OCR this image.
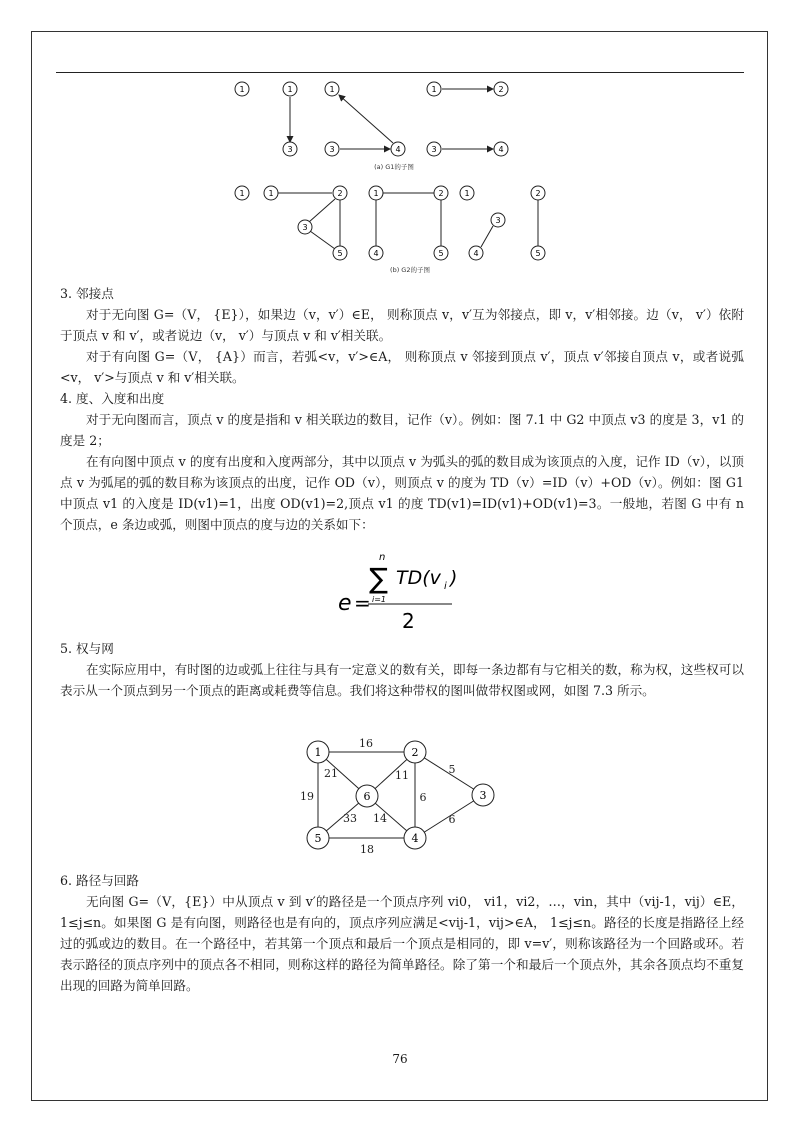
1	1
3
1
3	4
1	2
3	4
(a) G1的子图
1	1	2
3
5
1	2
4	5
1
3
4
2
5
(b) G2的子图

3. 邻接点

对于无向图 G=（V， {E}），如果边（v，v′）∈E， 则称顶点 v，v′互为邻接点，即 v，v′相邻接。边（v， v′）依附于顶点 v 和 v′，或者说边（v， v′）与顶点 v 和 v′相关联。

对于有向图 G=（V， {A}）而言，若弧<v，v′>∈A， 则称顶点 v 邻接到顶点 v′，顶点 v′邻接自顶点 v，或者说弧<v， v′>与顶点 v 和 v′相关联。

4. 度、入度和出度

对于无向图而言，顶点 v 的度是指和 v 相关联边的数目，记作（v）。例如：图 7.1 中 G2 中顶点 v3 的度是 3，v1 的度是 2；

在有向图中顶点 v 的度有出度和入度两部分，其中以顶点 v 为弧头的弧的数目成为该顶点的入度，记作 ID（v），以顶点 v 为弧尾的弧的数目称为该顶点的出度，记作 OD（v），则顶点 v 的度为 TD（v）=ID（v）+OD（v）。例如：图 G1 中顶点 v1 的入度是 ID(v1)=1，出度 OD(v1)=2,顶点 v1 的度 TD(v1)=ID(v1)+OD(v1)=3。一般地，若图 G 中有 n 个顶点，e 条边或弧，则图中顶点的度与边的关系如下：

e =
n
∑
i=1
TD(v i )
2

5. 权与网

在实际应用中，有时图的边或弧上往往与具有一定意义的数有关，即每一条边都有与它相关的数，称为权，这些权可以表示从一个顶点到另一个顶点的距离或耗费等信息。我们将这种带权的图叫做带权图或网，如图 7.3 所示。

16
21
19
11	5
6
6
33 14
18
1	2
3
4
5
6

6. 路径与回路

无向图 G=（V，{E}）中从顶点 v 到 v′的路径是一个顶点序列 vi0， vi1，vi2，…，vin，其中（vij-1，vij）∈E，1≤j≤n。如果图 G 是有向图，则路径也是有向的，顶点序列应满足<vij-1，vij>∈A， 1≤j≤n。路径的长度是指路径上经过的弧或边的数目。在一个路径中，若其第一个顶点和最后一个顶点是相同的，即 v=v′，则称该路径为一个回路或环。若表示路径的顶点序列中的顶点各不相同，则称这样的路径为简单路径。除了第一个和最后一个顶点外，其余各顶点均不重复出现的回路为简单回路。

76
